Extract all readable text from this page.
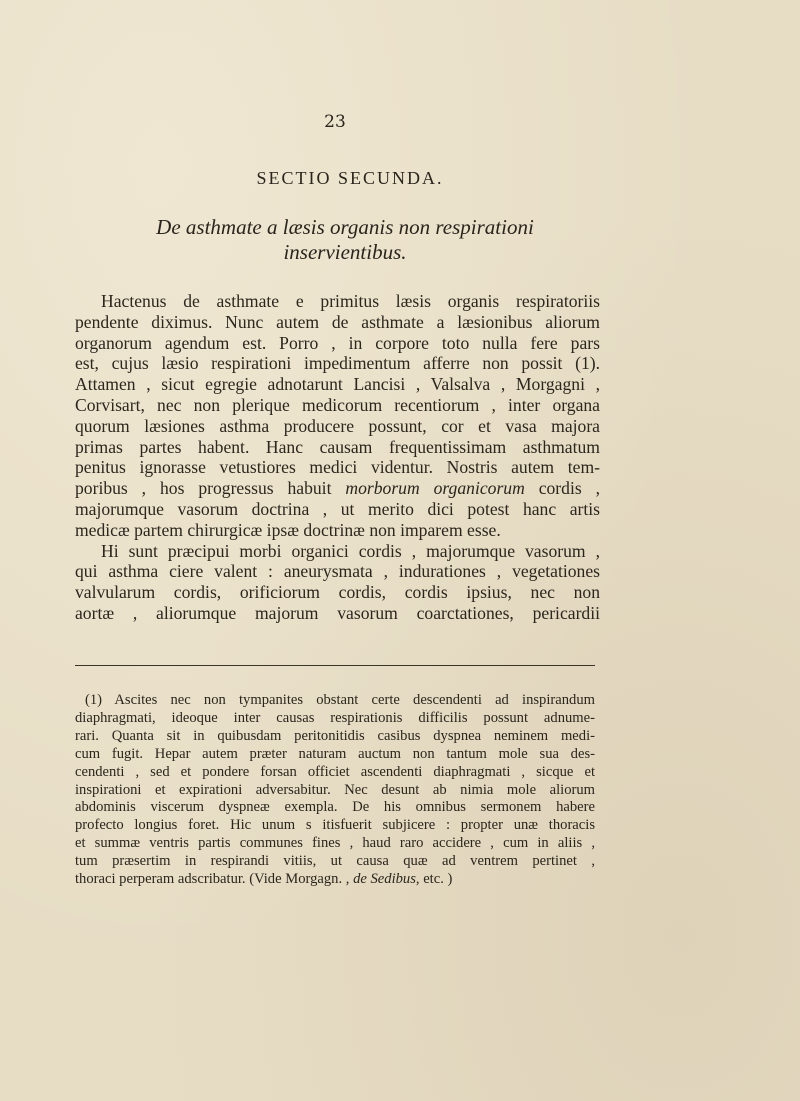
23
SECTIO SECUNDA.
De asthmate a læsis organis non respirationi
inservientibus.
Hactenus de asthmate e primitus læsis organis respiratoriis
pendente diximus. Nunc autem de asthmate a læsionibus aliorum
organorum agendum est. Porro , in corpore toto nulla fere pars
est, cujus læsio respirationi impedimentum afferre non possit (1).
Attamen , sicut egregie adnotarunt Lancisi , Valsalva , Morgagni ,
Corvisart, nec non plerique medicorum recentiorum , inter organa
quorum læsiones asthma producere possunt, cor et vasa majora
primas partes habent. Hanc causam frequentissimam asthmatum
penitus ignorasse vetustiores medici videntur. Nostris autem tem-
poribus , hos progressus habuit morborum organicorum cordis ,
majorumque vasorum doctrina , ut merito dici potest hanc artis
medicæ partem chirurgicæ ipsæ doctrinæ non imparem esse.
Hi sunt præcipui morbi organici cordis , majorumque vasorum ,
qui asthma ciere valent : aneurysmata , indurationes , vegetationes
valvularum cordis, orificiorum cordis, cordis ipsius, nec non
aortæ , aliorumque majorum vasorum coarctationes, pericardii
(1) Ascites nec non tympanites obstant certe descendenti ad inspirandum
diaphragmati, ideoque inter causas respirationis difficilis possunt adnume-
rari. Quanta sit in quibusdam peritonitidis casibus dyspnea neminem medi-
cum fugit. Hepar autem præter naturam auctum non tantum mole sua des-
cendenti , sed et pondere forsan officiet ascendenti diaphragmati , sicque et
inspirationi et expirationi adversabitur. Nec desunt ab nimia mole aliorum
abdominis viscerum dyspneæ exempla. De his omnibus sermonem habere
profecto longius foret. Hic unum s itisfuerit subjicere : propter unæ thoracis
et summæ ventris partis communes fines , haud raro accidere , cum in aliis ,
tum præsertim in respirandi vitiis, ut causa quæ ad ventrem pertinet ,
thoraci perperam adscribatur. (Vide Morgagn. , de Sedibus, etc. )
